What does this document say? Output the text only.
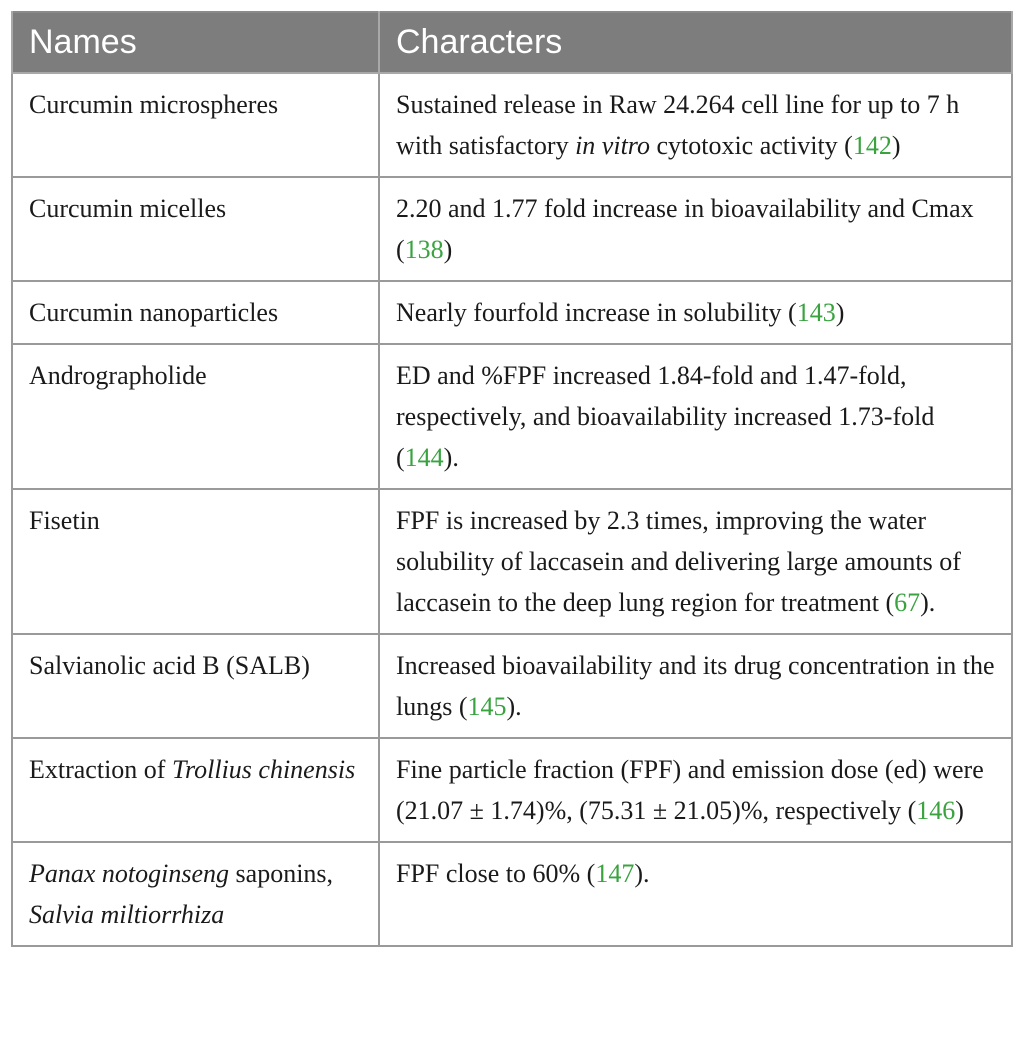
Names	Characters
Curcumin microspheres	Sustained release in Raw 24.264 cell line for up to 7 h with satisfactory in vitro cytotoxic activity (142)
Curcumin micelles	2.20 and 1.77 fold increase in bioavailability and Cmax (138)
Curcumin nanoparticles	Nearly fourfold increase in solubility (143)
Andrographolide	ED and %FPF increased 1.84-fold and 1.47-fold, respectively, and bioavailability increased 1.73-fold (144).
Fisetin	FPF is increased by 2.3 times, improving the water solubility of laccasein and delivering large amounts of laccasein to the deep lung region for treatment (67).
Salvianolic acid B (SALB)	Increased bioavailability and its drug concentration in the lungs (145).
Extraction of Trollius chinensis	Fine particle fraction (FPF) and emission dose (ed) were (21.07 ± 1.74)%, (75.31 ± 21.05)%, respectively (146)
Panax notoginseng saponins, Salvia miltiorrhiza	FPF close to 60% (147).
